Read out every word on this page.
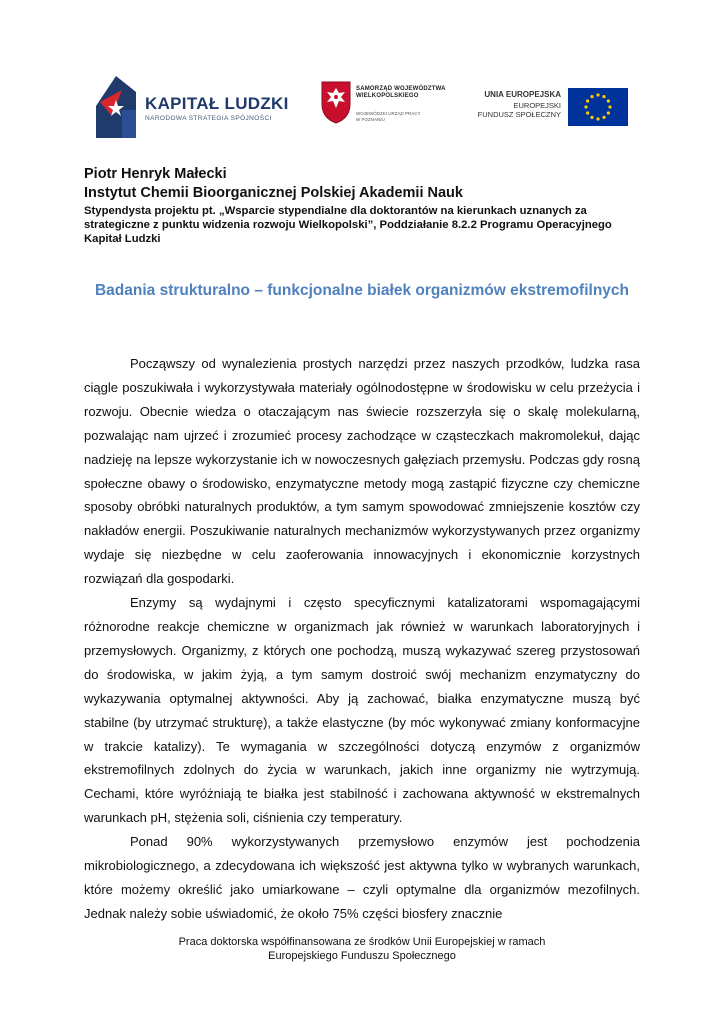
KAPITAŁ LUDZKI
NARODOWA STRATEGIA SPÓJNOŚCI
SAMORZĄD WOJEWÓDZTWA
WIELKOPOLSKIEGO
WOJEWÓDZKI URZĄD PRACY
W POZNANIU
UNIA EUROPEJSKA
EUROPEJSKI
FUNDUSZ SPOŁECZNY
Piotr Henryk Małecki
Instytut Chemii Bioorganicznej Polskiej Akademii Nauk
Stypendysta projektu pt. „Wsparcie stypendialne dla doktorantów na kierunkach uznanych za strategiczne z punktu widzenia rozwoju Wielkopolski”, Poddziałanie 8.2.2 Programu Operacyjnego Kapitał Ludzki
Badania strukturalno – funkcjonalne białek organizmów ekstremofilnych

Począwszy od wynalezienia prostych narzędzi przez naszych przodków, ludzka rasa ciągle poszukiwała i wykorzystywała materiały ogólnodostępne w środowisku w celu przeżycia i rozwoju. Obecnie wiedza o otaczającym nas świecie rozszerzyła się o skalę molekularną, pozwalając nam ujrzeć i zrozumieć procesy zachodzące w cząsteczkach makromolekuł, dając nadzieję na lepsze wykorzystanie ich w nowoczesnych gałęziach przemysłu. Podczas gdy rosną społeczne obawy o środowisko, enzymatyczne metody mogą zastąpić fizyczne czy chemiczne sposoby obróbki naturalnych produktów, a tym samym spowodować zmniejszenie kosztów czy nakładów energii. Poszukiwanie naturalnych mechanizmów wykorzystywanych przez organizmy wydaje się niezbędne w celu zaoferowania innowacyjnych i ekonomicznie korzystnych rozwiązań dla gospodarki.

Enzymy są wydajnymi i często specyficznymi katalizatorami wspomagającymi różnorodne reakcje chemiczne w organizmach jak również w warunkach laboratoryjnych i przemysłowych. Organizmy, z których one pochodzą, muszą wykazywać szereg przystosowań do środowiska, w jakim żyją, a tym samym dostroić swój mechanizm enzymatyczny do wykazywania optymalnej aktywności. Aby ją zachować, białka enzymatyczne muszą być stabilne (by utrzymać strukturę), a także elastyczne (by móc wykonywać zmiany konformacyjne w trakcie katalizy). Te wymagania w szczególności dotyczą enzymów z organizmów ekstremofilnych zdolnych do życia w warunkach, jakich inne organizmy nie wytrzymują. Cechami, które wyróżniają te białka jest stabilność i zachowana aktywność w ekstremalnych warunkach pH, stężenia soli, ciśnienia czy temperatury.

Ponad 90% wykorzystywanych przemysłowo enzymów jest pochodzenia mikrobiologicznego, a zdecydowana ich większość jest aktywna tylko w wybranych warunkach, które możemy określić jako umiarkowane – czyli optymalne dla organizmów mezofilnych. Jednak należy sobie uświadomić, że około 75% części biosfery znacznie

Praca doktorska współfinansowana ze środków Unii Europejskiej w ramach
Europejskiego Funduszu Społecznego
